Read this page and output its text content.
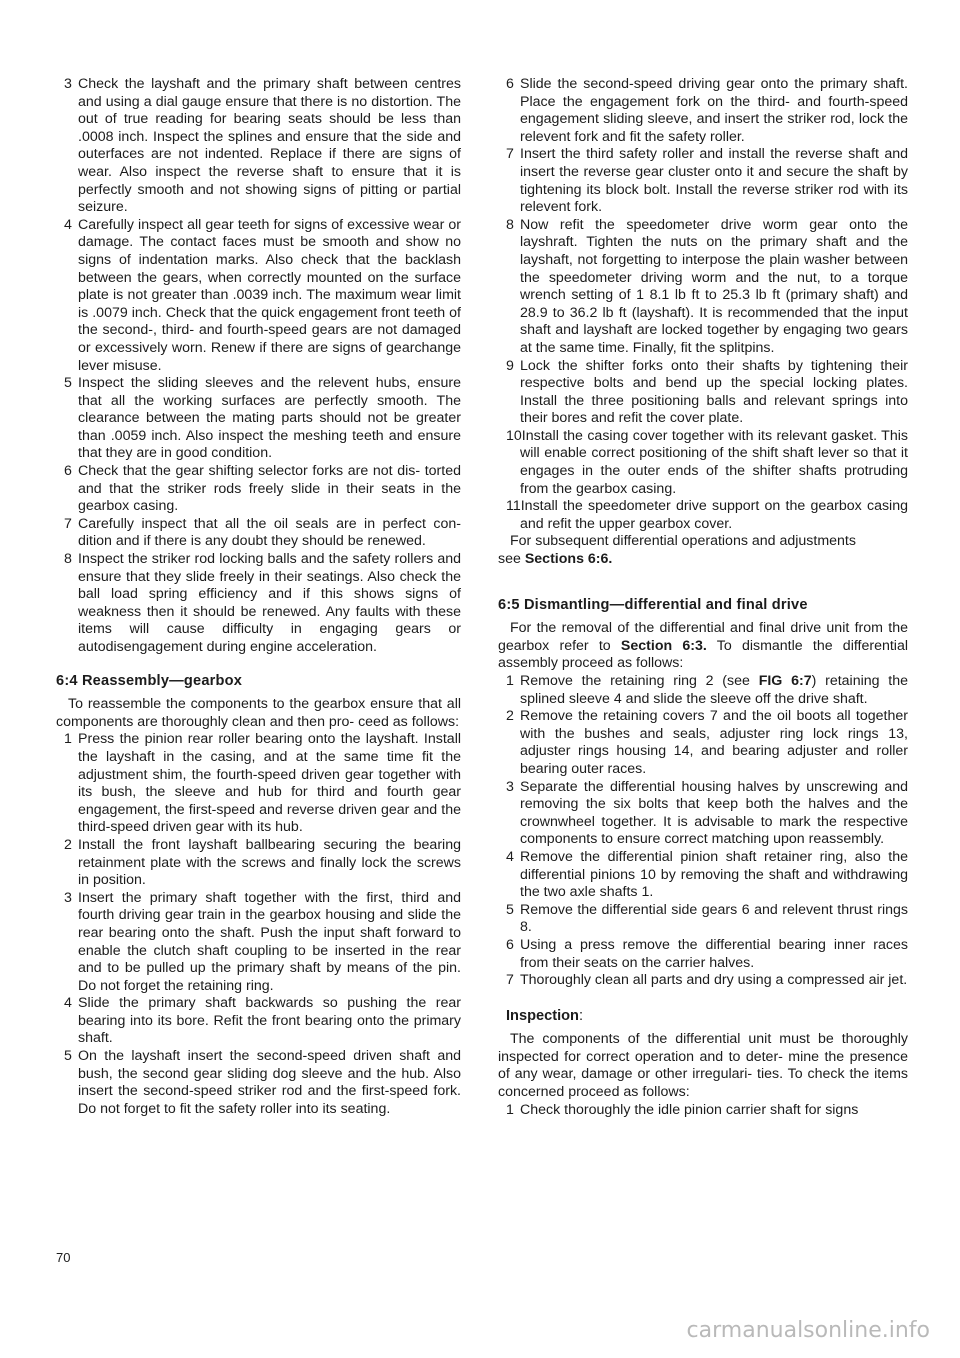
3 Check the layshaft and the primary shaft between centres and using a dial gauge ensure that there is no distortion. The out of true reading for bearing seats should be less than .0008 inch. Inspect the splines and ensure that the side and outerfaces are not indented. Replace if there are signs of wear. Also inspect the reverse shaft to ensure that it is perfectly smooth and not showing signs of pitting or partial seizure.

4 Carefully inspect all gear teeth for signs of excessive wear or damage. The contact faces must be smooth and show no signs of indentation marks. Also check that the backlash between the gears, when correctly mounted on the surface plate is not greater than .0039 inch. The maximum wear limit is .0079 inch. Check that the quick engagement front teeth of the second-, third- and fourth-speed gears are not damaged or excessively worn. Renew if there are signs of gearchange lever misuse.

5 Inspect the sliding sleeves and the relevent hubs, ensure that all the working surfaces are perfectly smooth. The clearance between the mating parts should not be greater than .0059 inch. Also inspect the meshing teeth and ensure that they are in good condition.

6 Check that the gear shifting selector forks are not dis- torted and that the striker rods freely slide in their seats in the gearbox casing.

7 Carefully inspect that all the oil seals are in perfect con- dition and if there is any doubt they should be renewed.

8 Inspect the striker rod locking balls and the safety rollers and ensure that they slide freely in their seatings. Also check the ball load spring efficiency and if this shows signs of weakness then it should be renewed. Any faults with these items will cause difficulty in engaging gears or autodisengagement during engine acceleration.

6:4 Reassembly—gearbox

To reassemble the components to the gearbox ensure that all components are thoroughly clean and then pro- ceed as follows:

1 Press the pinion rear roller bearing onto the layshaft. Install the layshaft in the casing, and at the same time fit the adjustment shim, the fourth-speed driven gear together with its bush, the sleeve and hub for third and fourth gear engagement, the first-speed and reverse driven gear and the third-speed driven gear with its hub.

2 Install the front layshaft ballbearing securing the bearing retainment plate with the screws and finally lock the screws in position.

3 Insert the primary shaft together with the first, third and fourth driving gear train in the gearbox housing and slide the rear bearing onto the shaft. Push the input shaft forward to enable the clutch shaft coupling to be inserted in the rear and to be pulled up the primary shaft by means of the pin. Do not forget the retaining ring.

4 Slide the primary shaft backwards so pushing the rear bearing into its bore. Refit the front bearing onto the primary shaft.

5 On the layshaft insert the second-speed driven shaft and bush, the second gear sliding dog sleeve and the hub. Also insert the second-speed striker rod and the first-speed fork. Do not forget to fit the safety roller into its seating.

6 Slide the second-speed driving gear onto the primary shaft. Place the engagement fork on the third- and fourth-speed engagement sliding sleeve, and insert the striker rod, lock the relevent fork and fit the safety roller.

7 Insert the third safety roller and install the reverse shaft and insert the reverse gear cluster onto it and secure the shaft by tightening its block bolt. Install the reverse striker rod with its relevent fork.

8 Now refit the speedometer drive worm gear onto the layshraft. Tighten the nuts on the primary shaft and the layshaft, not forgetting to interpose the plain washer between the speedometer driving worm and the nut, to a torque wrench setting of 1 8.1 lb ft to 25.3 lb ft (primary shaft) and 28.9 to 36.2 lb ft (layshaft). It is recommended that the input shaft and layshaft are locked together by engaging two gears at the same time. Finally, fit the splitpins.

9 Lock the shifter forks onto their shafts by tightening their respective bolts and bend up the special locking plates. Install the three positioning balls and relevant springs into their bores and refit the cover plate.

10Install the casing cover together with its relevant gasket. This will enable correct positioning of the shift shaft lever so that it engages in the outer ends of the shifter shafts protruding from the gearbox casing.

11Install the speedometer drive support on the gearbox casing and refit the upper gearbox cover.

For subsequent differential operations and adjustments

see Sections 6:6.

6:5 Dismantling—differential and final drive

For the removal of the differential and final drive unit from the gearbox refer to Section 6:3. To dismantle the differential assembly proceed as follows:

1 Remove the retaining ring 2 (see FIG 6:7) retaining the splined sleeve 4 and slide the sleeve off the drive shaft.

2 Remove the retaining covers 7 and the oil boots all together with the bushes and seals, adjuster ring lock rings 13, adjuster rings housing 14, and bearing adjuster and roller bearing outer races.

3 Separate the differential housing halves by unscrewing and removing the six bolts that keep both the halves and the crownwheel together. It is advisable to mark the respective components to ensure correct matching upon reassembly.

4 Remove the differential pinion shaft retainer ring, also the differential pinions 10 by removing the shaft and withdrawing the two axle shafts 1.

5 Remove the differential side gears 6 and relevent thrust rings 8.

6 Using a press remove the differential bearing inner races from their seats on the carrier halves.

7 Thoroughly clean all parts and dry using a compressed air jet.

Inspection:

The components of the differential unit must be thoroughly inspected for correct operation and to deter- mine the presence of any wear, damage or other irregulari- ties. To check the items concerned proceed as follows:

1 Check thoroughly the idle pinion carrier shaft for signs

70
carmanualsonline.info
